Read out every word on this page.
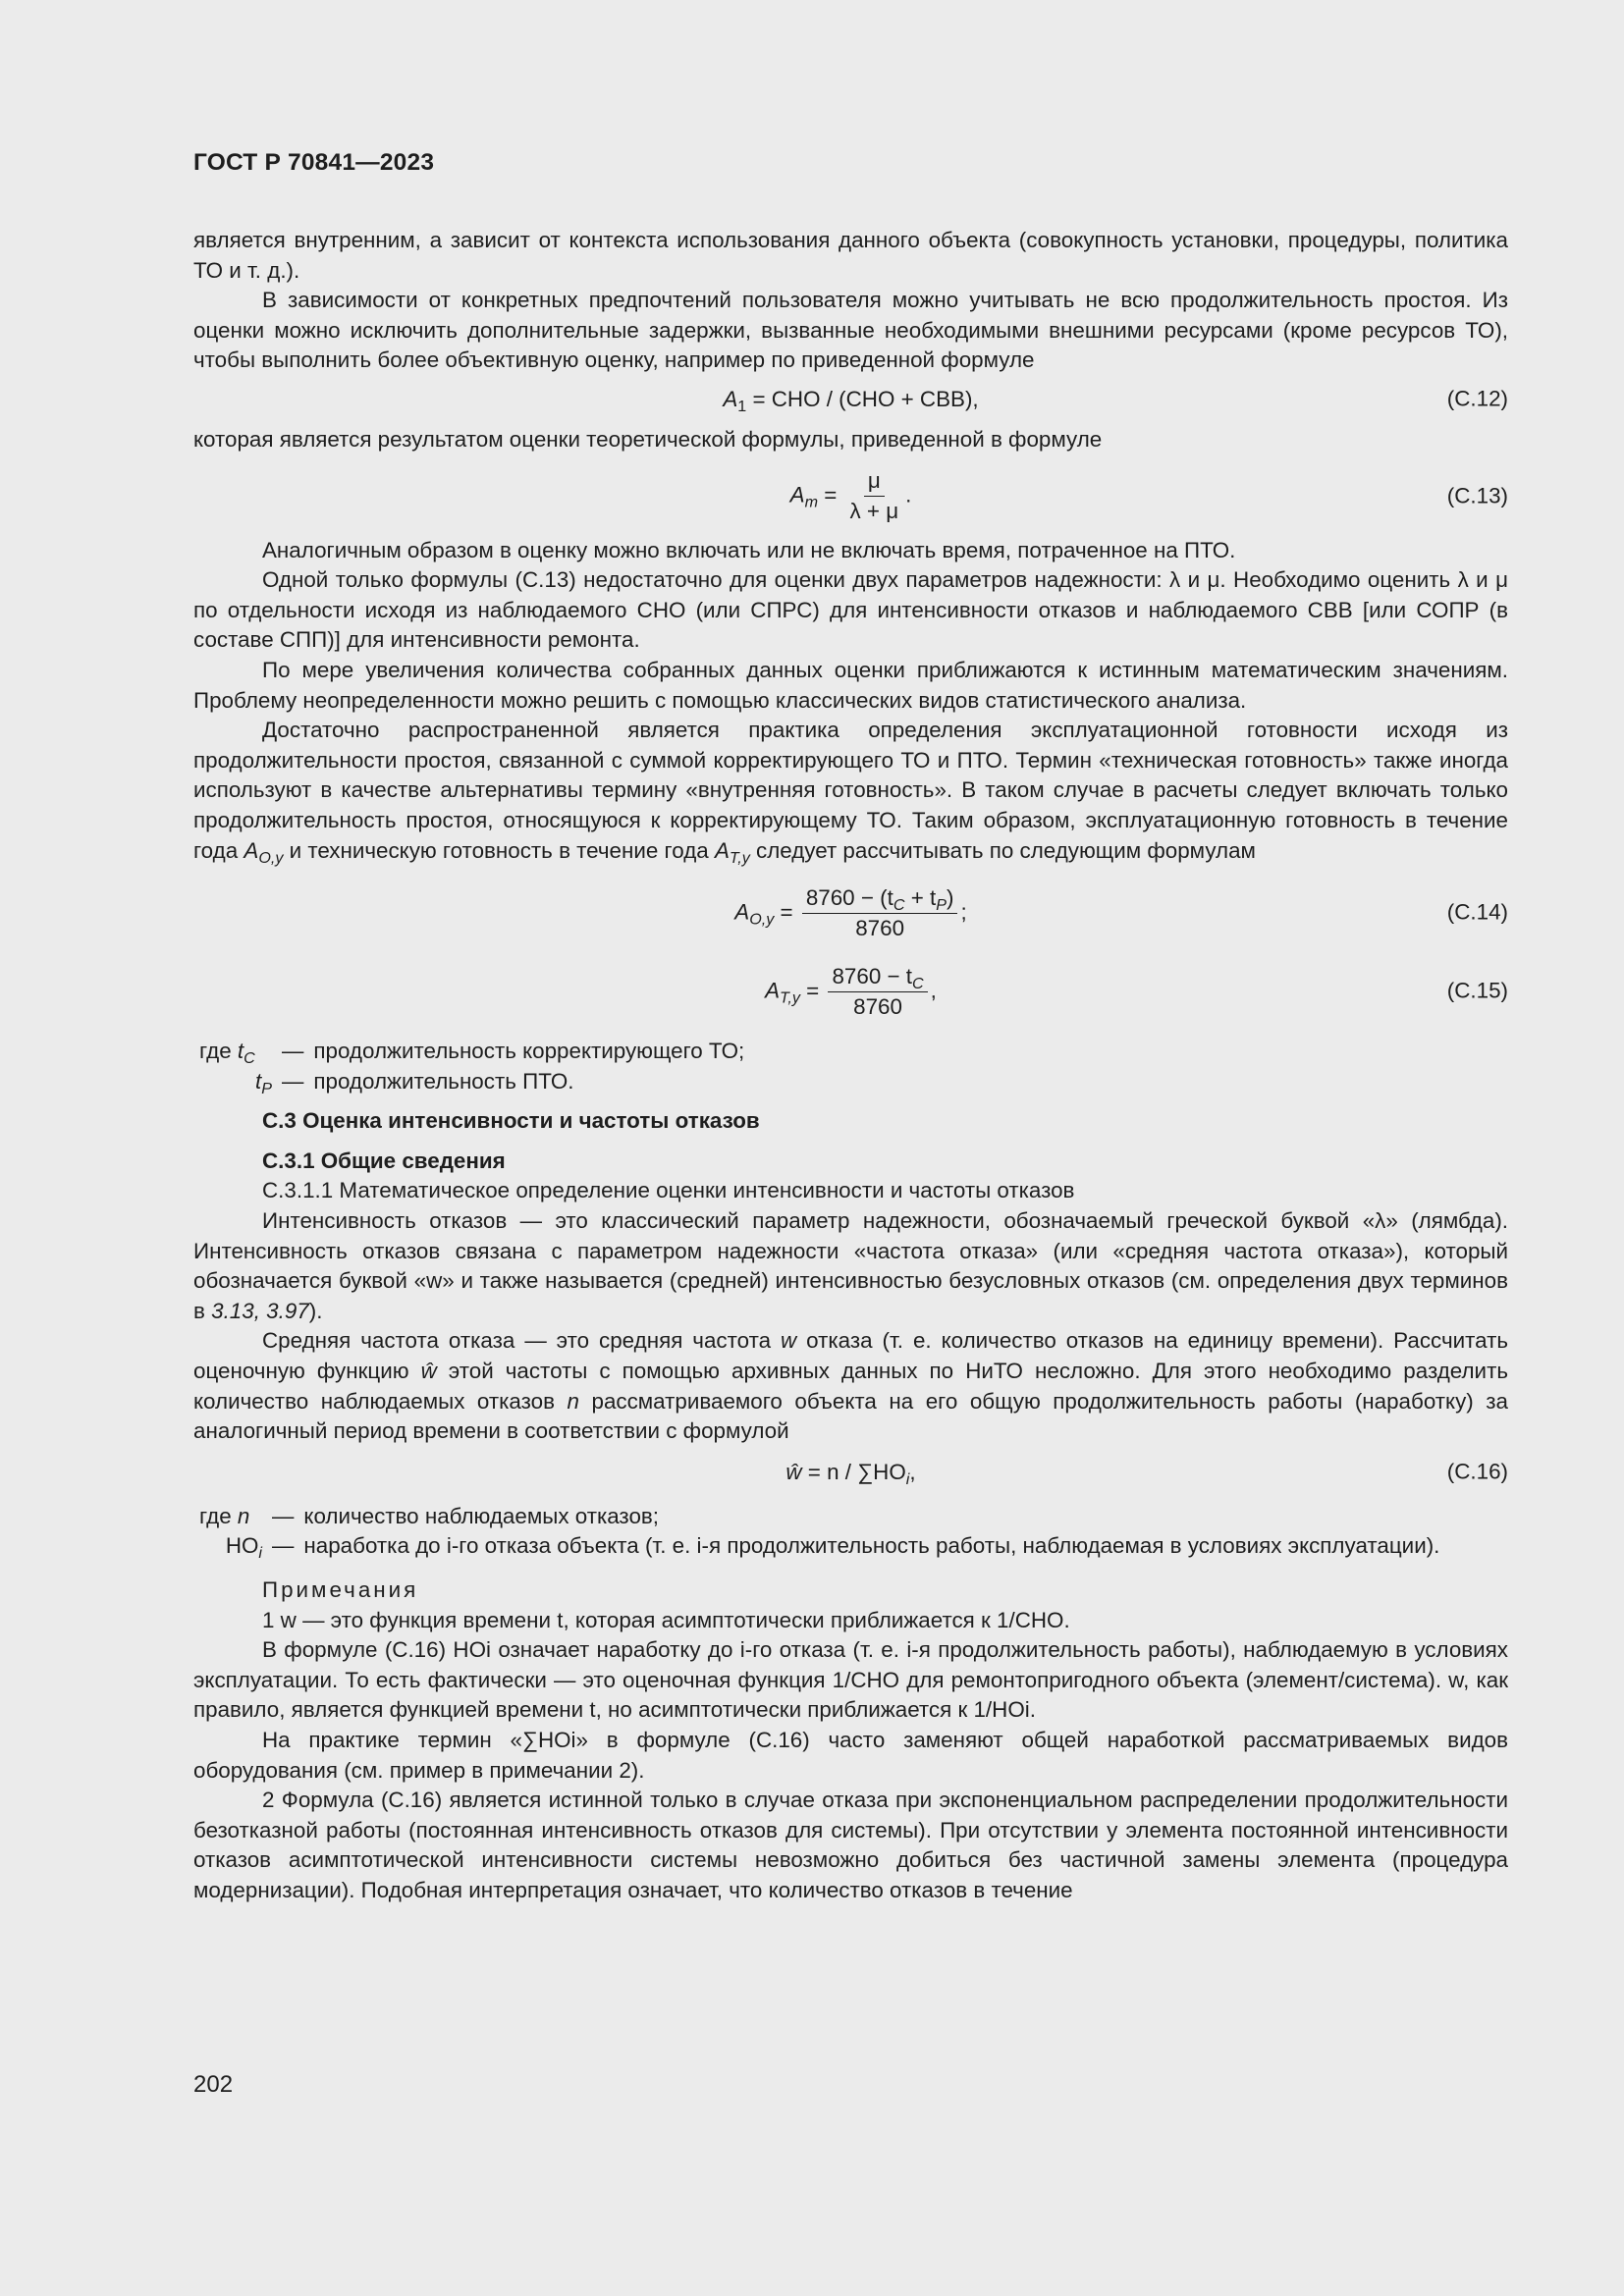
ГОСТ Р 70841—2023

является внутренним, а зависит от контекста использования данного объекта (совокупность установки, процедуры, политика ТО и т. д.).

В зависимости от конкретных предпочтений пользователя можно учитывать не всю продолжительность простоя. Из оценки можно исключить дополнительные задержки, вызванные необходимыми внешними ресурсами (кроме ресурсов ТО), чтобы выполнить более объективную оценку, например по приведенной формуле

$A_1$ = СНО / (СНО + СВВ),	(С.12)

которая является результатом оценки теоретической формулы, приведенной в формуле

$A_m = \frac{\mu}{\lambda + \mu}$ .	(С.13)

Аналогичным образом в оценку можно включать или не включать время, потраченное на ПТО.

Одной только формулы (С.13) недостаточно для оценки двух параметров надежности: λ и μ. Необходимо оценить λ и μ по отдельности исходя из наблюдаемого СНО (или СПРС) для интенсивности отказов и наблюдаемого СВВ [или СОПР (в составе СПП)] для интенсивности ремонта.

По мере увеличения количества собранных данных оценки приближаются к истинным математическим значениям. Проблему неопределенности можно решить с помощью классических видов статистического анализа.

Достаточно распространенной является практика определения эксплуатационной готовности исходя из продолжительности простоя, связанной с суммой корректирующего ТО и ПТО. Термин «техническая готовность» также иногда используют в качестве альтернативы термину «внутренняя готовность». В таком случае в расчеты следует включать только продолжительность простоя, относящуюся к корректирующему ТО. Таким образом, эксплуатационную готовность в течение года $A_{O,y}$ и техническую готовность в течение года $A_{T,y}$ следует рассчитывать по следующим формулам

$A_{O,y} = \frac{8760 - (t_C + t_P)}{8760}$ ;	(С.14)
$A_{T,y} = \frac{8760 - t_C}{8760}$ ,	(С.15)
где $t_C$	— продолжительность корректирующего ТО;
$t_P$ — продолжительность ПТО.
С.3 Оценка интенсивности и частоты отказов
С.3.1 Общие сведения
С.3.1.1 Математическое определение оценки интенсивности и частоты отказов

Интенсивность отказов — это классический параметр надежности, обозначаемый греческой буквой «λ» (лямбда). Интенсивность отказов связана с параметром надежности «частота отказа» (или «средняя частота отказа»), который обозначается буквой «w» и также называется (средней) интенсивностью безусловных отказов (см. определения двух терминов в 3.13, 3.97).

Средняя частота отказа — это средняя частота w отказа (т. е. количество отказов на единицу времени). Рассчитать оценочную функцию ŵ этой частоты с помощью архивных данных по НиТО несложно. Для этого необходимо разделить количество наблюдаемых отказов n рассматриваемого объекта на его общую продолжительность работы (наработку) за аналогичный период времени в соответствии с формулой

ŵ = n / $\sum НО_i$,	(С.16)
где n	— количество наблюдаемых отказов;
$НО_i$ — наработка до i-го отказа объекта (т. е. i-я продолжительность работы, наблюдаемая в условиях эксплуатации).
Примечания

1 w — это функция времени t, которая асимптотически приближается к 1/СНО.

В формуле (С.16) НОi означает наработку до i-го отказа (т. е. i-я продолжительность работы), наблюдаемую в условиях эксплуатации. То есть фактически — это оценочная функция 1/СНО для ремонтопригодного объекта (элемент/система). w, как правило, является функцией времени t, но асимптотически приближается к 1/НОi.

На практике термин «∑НОi» в формуле (С.16) часто заменяют общей наработкой рассматриваемых видов оборудования (см. пример в примечании 2).

2 Формула (С.16) является истинной только в случае отказа при экспоненциальном распределении продолжительности безотказной работы (постоянная интенсивность отказов для системы). При отсутствии у элемента постоянной интенсивности отказов асимптотической интенсивности системы невозможно добиться без частичной замены элемента (процедура модернизации). Подобная интерпретация означает, что количество отказов в течение

202
